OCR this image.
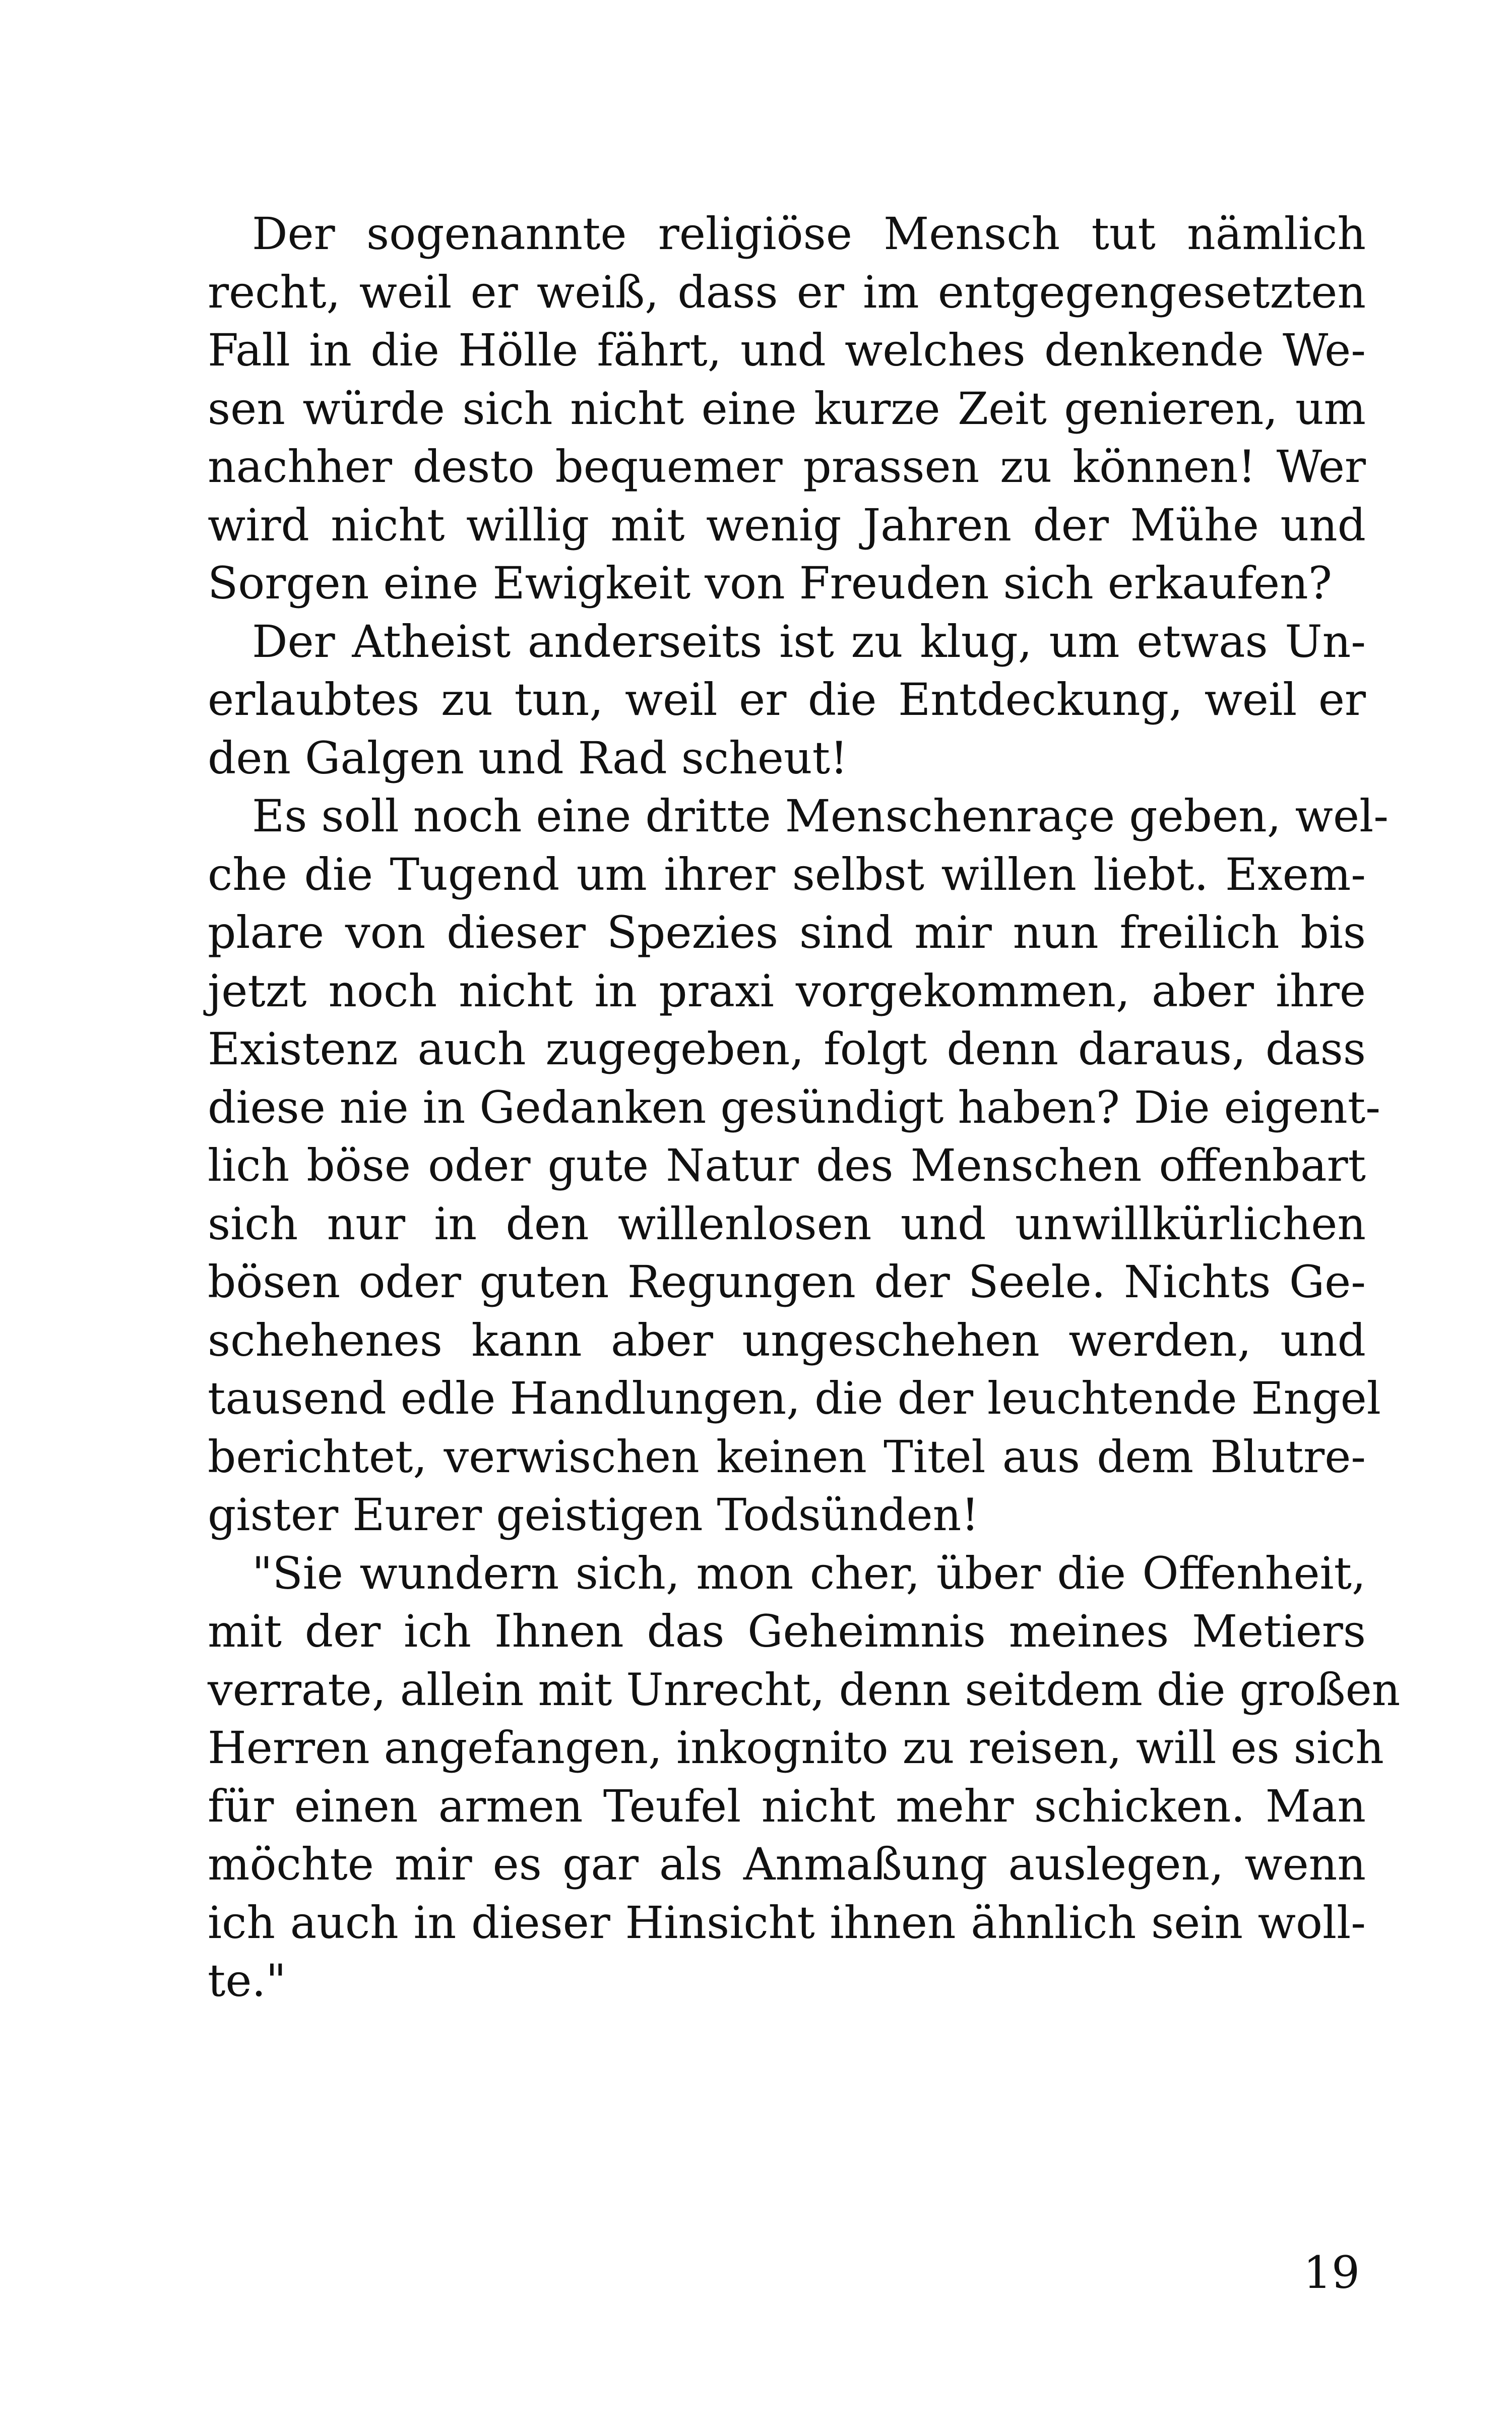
Der sogenannte religiöse Mensch tut nämlich
recht, weil er weiß, dass er im entgegengesetzten
Fall in die Hölle fährt, und welches denkende We-
sen würde sich nicht eine kurze Zeit genieren, um
nachher desto bequemer prassen zu können! Wer
wird nicht willig mit wenig Jahren der Mühe und
Sorgen eine Ewigkeit von Freuden sich erkaufen?

Der Atheist anderseits ist zu klug, um etwas Un-
erlaubtes zu tun, weil er die Entdeckung, weil er
den Galgen und Rad scheut!

Es soll noch eine dritte Menschenraçe geben, wel-
che die Tugend um ihrer selbst willen liebt. Exem-
plare von dieser Spezies sind mir nun freilich bis
jetzt noch nicht in praxi vorgekommen, aber ihre
Existenz auch zugegeben, folgt denn daraus, dass
diese nie in Gedanken gesündigt haben? Die eigent-
lich böse oder gute Natur des Menschen offenbart
sich nur in den willenlosen und unwillkürlichen
bösen oder guten Regungen der Seele. Nichts Ge-
schehenes kann aber ungeschehen werden, und
tausend edle Handlungen, die der leuchtende Engel
berichtet, verwischen keinen Titel aus dem Blutre-
gister Eurer geistigen Todsünden!

"Sie wundern sich, mon cher, über die Offenheit,
mit der ich Ihnen das Geheimnis meines Metiers
verrate, allein mit Unrecht, denn seitdem die großen
Herren angefangen, inkognito zu reisen, will es sich
für einen armen Teufel nicht mehr schicken. Man
möchte mir es gar als Anmaßung auslegen, wenn
ich auch in dieser Hinsicht ihnen ähnlich sein woll-
te."

19
